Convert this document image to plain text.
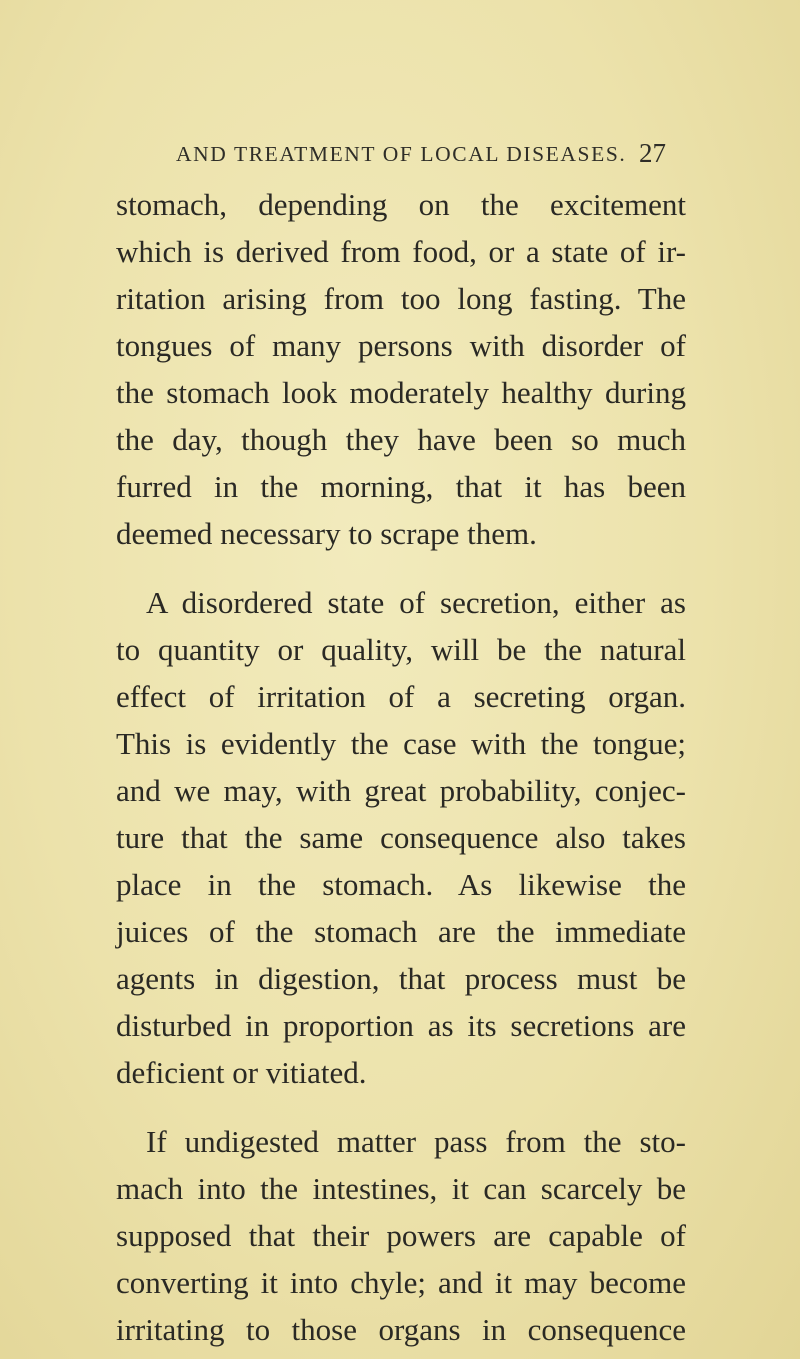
AND TREATMENT OF LOCAL DISEASES. 27
stomach, depending on the excitement
which is derived from food, or a state of ir-
ritation arising from too long fasting. The
tongues of many persons with disorder of
the stomach look moderately healthy during
the day, though they have been so much
furred in the morning, that it has been
deemed necessary to scrape them.
A disordered state of secretion, either as
to quantity or quality, will be the natural
effect of irritation of a secreting organ.
This is evidently the case with the tongue;
and we may, with great probability, conjec-
ture that the same consequence also takes
place in the stomach. As likewise the
juices of the stomach are the immediate
agents in digestion, that process must be
disturbed in proportion as its secretions are
deficient or vitiated.
If undigested matter pass from the sto-
mach into the intestines, it can scarcely be
supposed that their powers are capable of
converting it into chyle; and it may become
irritating to those organs in consequence
